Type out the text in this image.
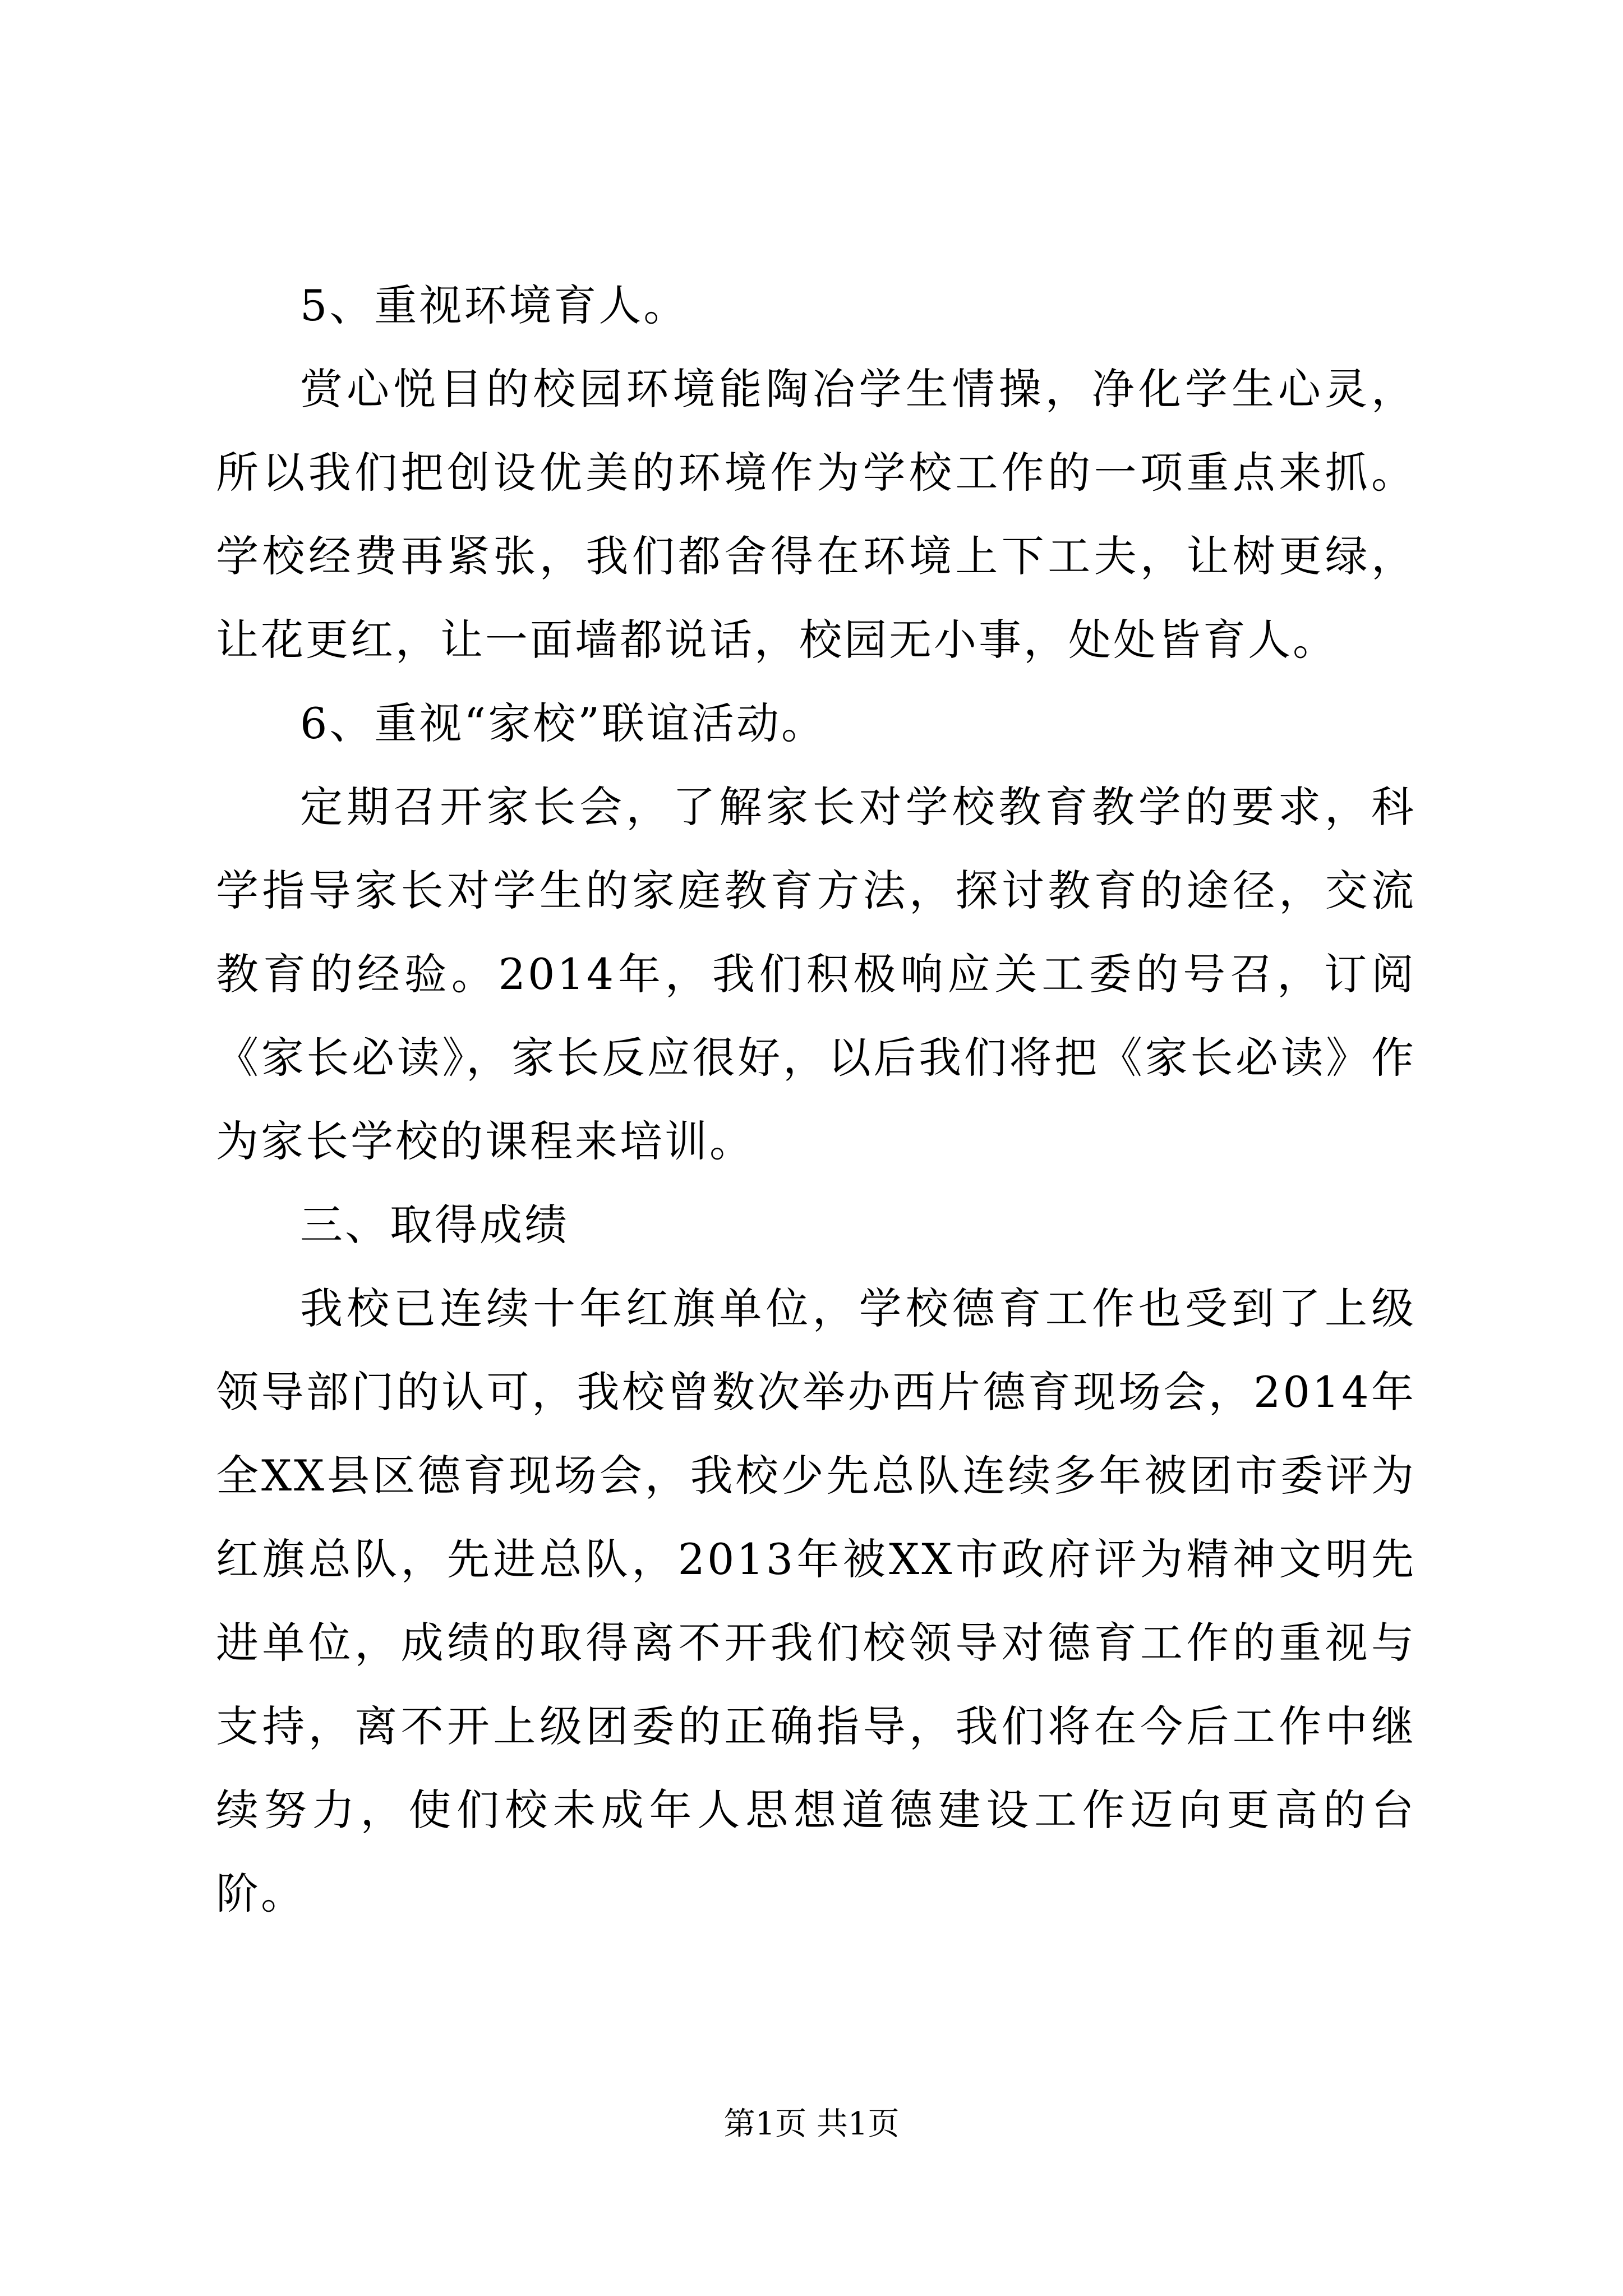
5、重视环境育人。

赏心悦目的校园环境能陶冶学生情操，净化学生心灵，所以我们把创设优美的环境作为学校工作的一项重点来抓。学校经费再紧张，我们都舍得在环境上下工夫，让树更绿，让花更红，让一面墙都说话，校园无小事，处处皆育人。

6、重视“家校”联谊活动。

定期召开家长会，了解家长对学校教育教学的要求，科学指导家长对学生的家庭教育方法，探讨教育的途径，交流教育的经验。2014年，我们积极响应关工委的号召，订阅《家长必读》，家长反应很好，以后我们将把《家长必读》作为家长学校的课程来培训。

三、取得成绩

我校已连续十年红旗单位，学校德育工作也受到了上级领导部门的认可，我校曾数次举办西片德育现场会，2014年全XX县区德育现场会，我校少先总队连续多年被团市委评为红旗总队，先进总队，2013年被XX市政府评为精神文明先进单位，成绩的取得离不开我们校领导对德育工作的重视与支持，离不开上级团委的正确指导，我们将在今后工作中继续努力，使们校未成年人思想道德建设工作迈向更高的台阶。

第1页 共1页
